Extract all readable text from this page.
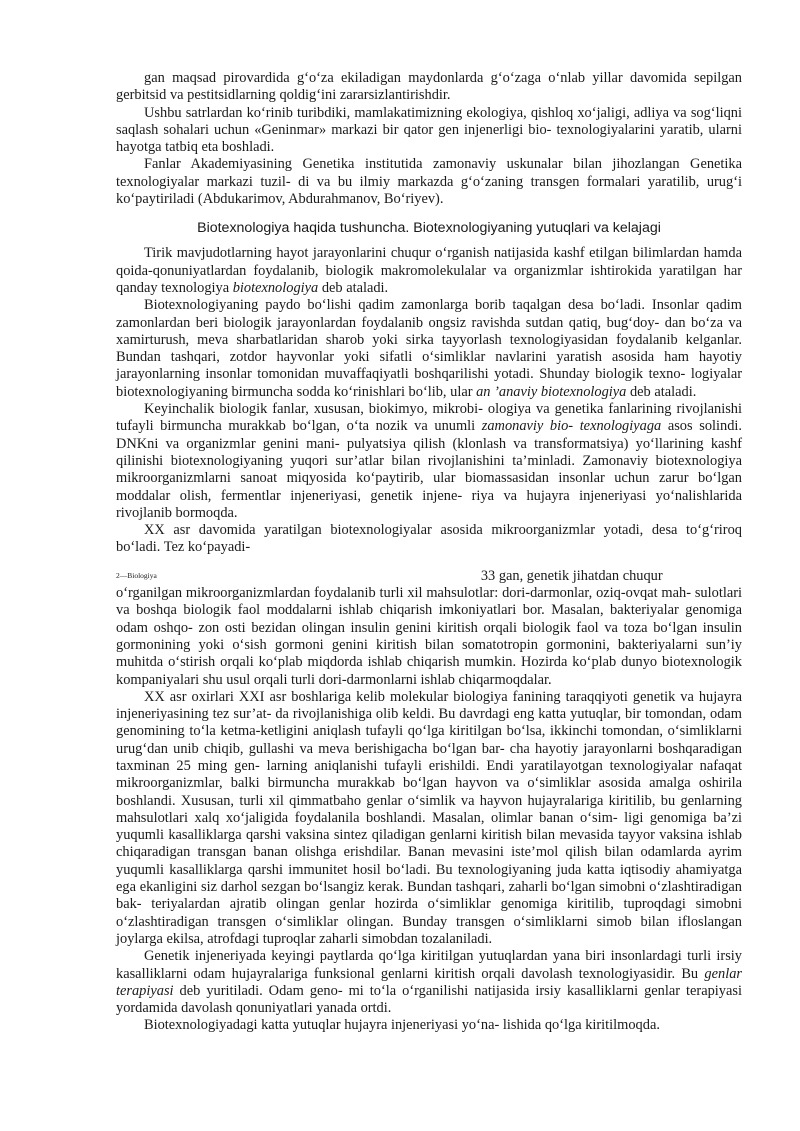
gan maqsad pirovardida g‘o‘za ekiladigan maydonlarda g‘o‘zaga o‘nlab yillar davomida sepilgan gerbitsid va pestitsidlarning qoldig‘ini zararsizlantirishdir.

Ushbu satrlardan ko‘rinib turibdiki, mamlakatimizning ekologiya, qishloq xo‘jaligi, adliya va sog‘liqni saqlash sohalari uchun «Geninmar» markazi bir qator gen injenerligi bio- texnologiyalarini yaratib, ularni hayotga tatbiq eta boshladi.

Fanlar Akademiyasining Genetika institutida zamonaviy uskunalar bilan jihozlangan Genetika texnologiyalar markazi tuzil- di va bu ilmiy markazda g‘o‘zaning transgen formalari yaratilib, urug‘i ko‘paytiriladi (Abdukarimov, Abdurahmanov, Bo‘riyev).

Biotexnologiya haqida tushuncha. Biotexnologiyaning yutuqlari va kelajagi

Tirik mavjudotlarning hayot jarayonlarini chuqur o‘rganish natijasida kashf etilgan bilimlardan hamda qoida-qonuniyatlardan foydalanib, biologik makromolekulalar va organizmlar ishtirokida yaratilgan har qanday texnologiya biotexnologiya deb ataladi.

Biotexnologiyaning paydo bo‘lishi qadim zamonlarga borib taqalgan desa bo‘ladi. Insonlar qadim zamonlardan beri biologik jarayonlardan foydalanib ongsiz ravishda sutdan qatiq, bug‘doy- dan bo‘za va xamirturush, meva sharbatlaridan sharob yoki sirka tayyorlash texnologiyasidan foydalanib kelganlar. Bundan tashqari, zotdor hayvonlar yoki sifatli o‘simliklar navlarini yaratish asosida ham hayotiy jarayonlarning insonlar tomonidan muvaffaqiyatli boshqarilishi yotadi. Shunday biologik texno- logiyalar biotexnologiyaning birmuncha sodda ko‘rinishlari bo‘lib, ular an ’anaviy biotexnologiya deb ataladi.

Keyinchalik biologik fanlar, xususan, biokimyo, mikrobi- ologiya va genetika fanlarining rivojlanishi tufayli birmuncha murakkab bo‘lgan, o‘ta nozik va unumli zamonaviy bio- texnologiyaga asos solindi. DNKni va organizmlar genini mani- pulyatsiya qilish (klonlash va transformatsiya) yo‘llarining kashf qilinishi biotexnologiyaning yuqori sur’atlar bilan rivojlanishini ta’minladi. Zamonaviy biotexnologiya mikroorganizmlarni sanoat miqyosida ko‘paytirib, ular biomassasidan insonlar uchun zarur bo‘lgan moddalar olish, fermentlar injeneriyasi, genetik injene- riya va hujayra injeneriyasi yo‘nalishlarida rivojlanib bormoqda.

XX asr davomida yaratilgan biotexnologiyalar asosida mikroorganizmlar yotadi, desa to‘g‘riroq bo‘ladi. Tez ko‘payadi-

2—Biologiya	33 gan, genetik jihatdan chuqur

o‘rganilgan mikroorganizmlardan foydalanib turli xil mahsulotlar: dori-darmonlar, oziq-ovqat mah- sulotlari va boshqa biologik faol moddalarni ishlab chiqarish imkoniyatlari bor. Masalan, bakteriyalar genomiga odam oshqo- zon osti bezidan olingan insulin genini kiritish orqali biologik faol va toza bo‘lgan insulin gormonining yoki o‘sish gormoni genini kiritish bilan somatotropin gormonini, bakteriyalarni sun’iy muhitda o‘stirish orqali ko‘plab miqdorda ishlab chiqarish mumkin. Hozirda ko‘plab dunyo biotexnologik kompaniyalari shu usul orqali turli dori-darmonlarni ishlab chiqarmoqdalar.

XX asr oxirlari XXI asr boshlariga kelib molekular biologiya fanining taraqqiyoti genetik va hujayra injeneriyasining tez sur’at- da rivojlanishiga olib keldi. Bu davrdagi eng katta yutuqlar, bir tomondan, odam genomining to‘la ketma-ketligini aniqlash tufayli qo‘lga kiritilgan bo‘lsa, ikkinchi tomondan, o‘simliklarni urug‘dan unib chiqib, gullashi va meva berishigacha bo‘lgan bar- cha hayotiy jarayonlarni boshqaradigan taxminan 25 ming gen- larning aniqlanishi tufayli erishildi. Endi yaratilayotgan texnologiyalar nafaqat mikroorganizmlar, balki birmuncha murakkab bo‘lgan hayvon va o‘simliklar asosida amalga oshirila boshlandi. Xususan, turli xil qimmatbaho genlar o‘simlik va hayvon hujayralariga kiritilib, bu genlarning mahsulotlari xalq xo‘jaligida foydalanila boshlandi. Masalan, olimlar banan o‘sim- ligi genomiga ba’zi yuqumli kasalliklarga qarshi vaksina sintez qiladigan genlarni kiritish bilan mevasida tayyor vaksina ishlab chiqaradigan transgan banan olishga erishdilar. Banan mevasini iste’mol qilish bilan odamlarda ayrim yuqumli kasalliklarga qarshi immunitet hosil bo‘ladi. Bu texnologiyaning juda katta iqtisodiy ahamiyatga ega ekanligini siz darhol sezgan bo‘lsangiz kerak. Bundan tashqari, zaharli bo‘lgan simobni o‘zlashtiradigan bak- teriyalardan ajratib olingan genlar hozirda o‘simliklar genomiga kiritilib, tuproqdagi simobni o‘zlashtiradigan transgen o‘simliklar olingan. Bunday transgen o‘simliklarni simob bilan ifloslangan joylarga ekilsa, atrofdagi tuproqlar zaharli simobdan tozalaniladi.

Genetik injeneriyada keyingi paytlarda qo‘lga kiritilgan yutuqlardan yana biri insonlardagi turli irsiy kasalliklarni odam hujayralariga funksional genlarni kiritish orqali davolash texnologiyasidir. Bu genlar terapiyasi deb yuritiladi. Odam geno- mi to‘la o‘rganilishi natijasida irsiy kasalliklarni genlar terapiyasi yordamida davolash qonuniyatlari yanada ortdi.

Biotexnologiyadagi katta yutuqlar hujayra injeneriyasi yo‘na- lishida qo‘lga kiritilmoqda.
